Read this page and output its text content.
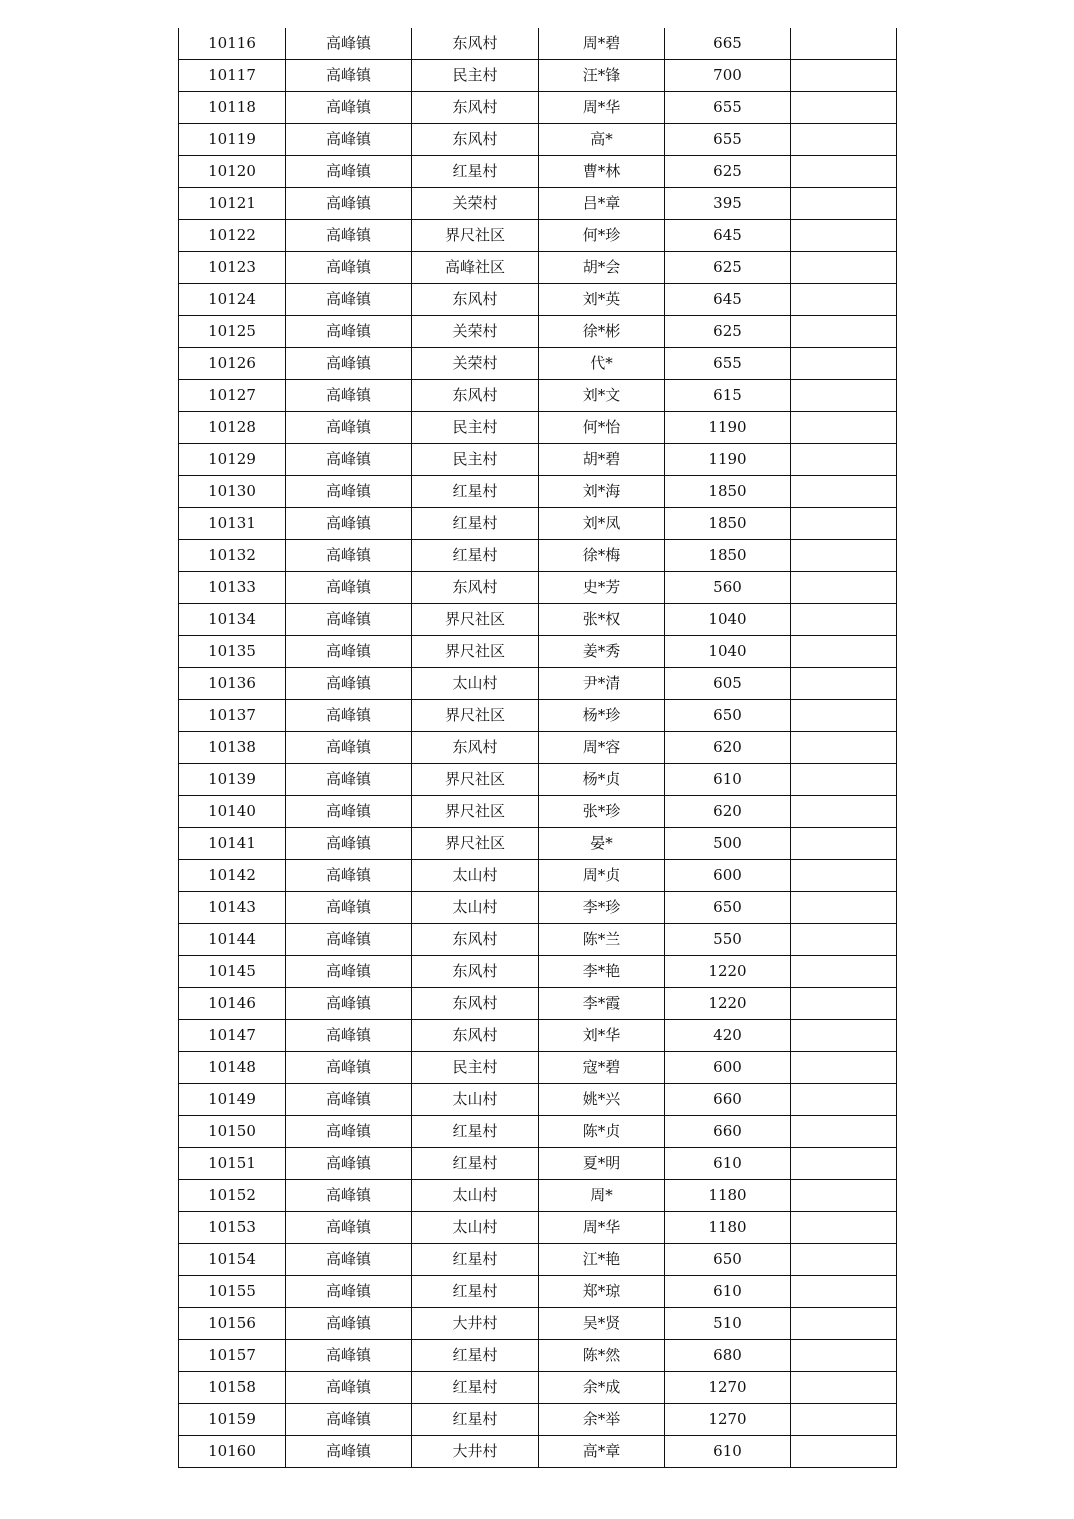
10116	高峰镇	东风村	周*碧	665	
10117	高峰镇	民主村	汪*锋	700	
10118	高峰镇	东风村	周*华	655	
10119	高峰镇	东风村	高*	655	
10120	高峰镇	红星村	曹*林	625	
10121	高峰镇	关荣村	吕*章	395	
10122	高峰镇	界尺社区	何*珍	645	
10123	高峰镇	高峰社区	胡*会	625	
10124	高峰镇	东风村	刘*英	645	
10125	高峰镇	关荣村	徐*彬	625	
10126	高峰镇	关荣村	代*	655	
10127	高峰镇	东风村	刘*文	615	
10128	高峰镇	民主村	何*怡	1190	
10129	高峰镇	民主村	胡*碧	1190	
10130	高峰镇	红星村	刘*海	1850	
10131	高峰镇	红星村	刘*凤	1850	
10132	高峰镇	红星村	徐*梅	1850	
10133	高峰镇	东风村	史*芳	560	
10134	高峰镇	界尺社区	张*权	1040	
10135	高峰镇	界尺社区	姜*秀	1040	
10136	高峰镇	太山村	尹*清	605	
10137	高峰镇	界尺社区	杨*珍	650	
10138	高峰镇	东风村	周*容	620	
10139	高峰镇	界尺社区	杨*贞	610	
10140	高峰镇	界尺社区	张*珍	620	
10141	高峰镇	界尺社区	晏*	500	
10142	高峰镇	太山村	周*贞	600	
10143	高峰镇	太山村	李*珍	650	
10144	高峰镇	东风村	陈*兰	550	
10145	高峰镇	东风村	李*艳	1220	
10146	高峰镇	东风村	李*霞	1220	
10147	高峰镇	东风村	刘*华	420	
10148	高峰镇	民主村	寇*碧	600	
10149	高峰镇	太山村	姚*兴	660	
10150	高峰镇	红星村	陈*贞	660	
10151	高峰镇	红星村	夏*明	610	
10152	高峰镇	太山村	周*	1180	
10153	高峰镇	太山村	周*华	1180	
10154	高峰镇	红星村	江*艳	650	
10155	高峰镇	红星村	郑*琼	610	
10156	高峰镇	大井村	吴*贤	510	
10157	高峰镇	红星村	陈*然	680	
10158	高峰镇	红星村	余*成	1270	
10159	高峰镇	红星村	余*举	1270	
10160	高峰镇	大井村	高*章	610	
